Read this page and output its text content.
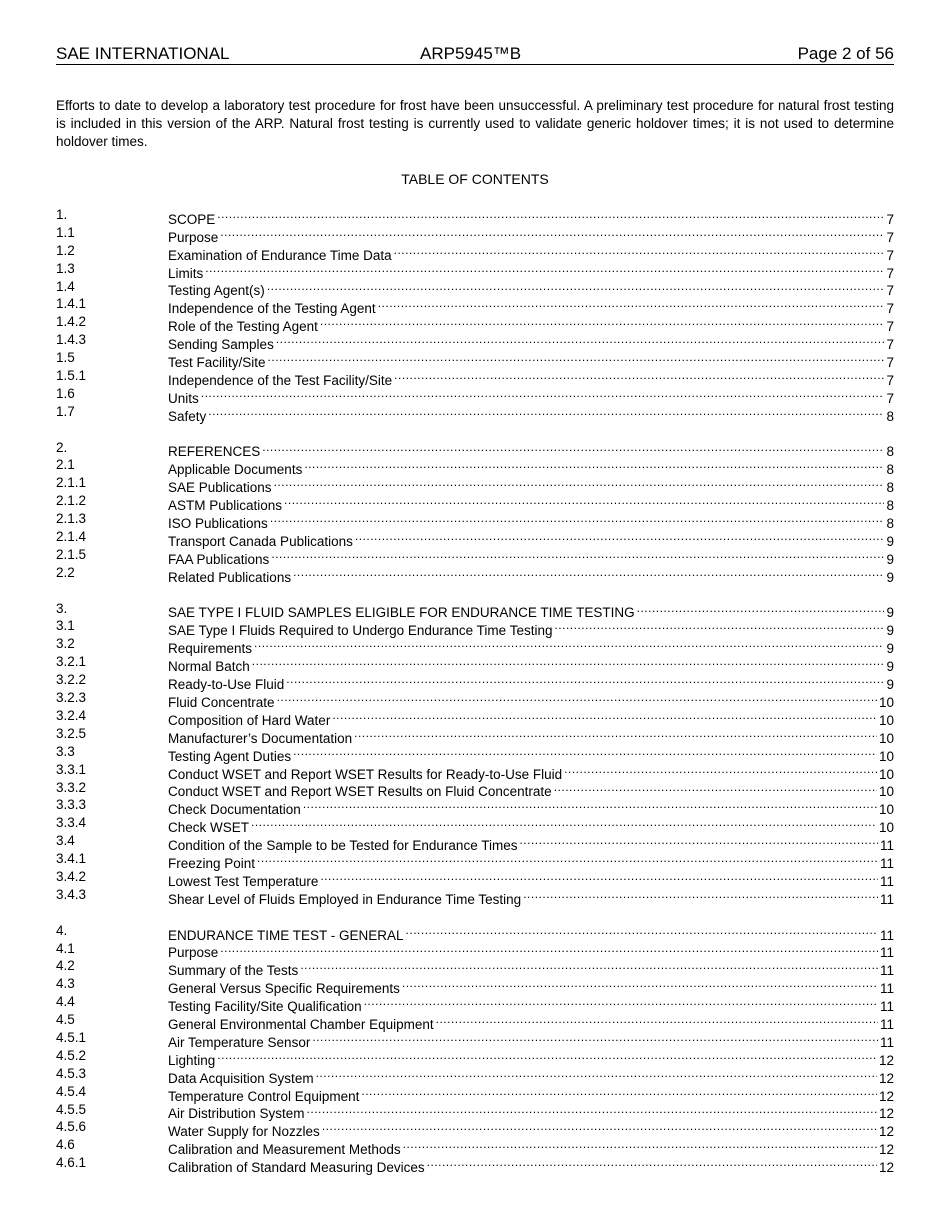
SAE INTERNATIONAL	ARP5945™B	Page 2 of 56

Efforts to date to develop a laboratory test procedure for frost have been unsuccessful. A preliminary test procedure for natural frost testing is included in this version of the ARP. Natural frost testing is currently used to validate generic holdover times; it is not used to determine holdover times.

TABLE OF CONTENTS
1.	SCOPE .....	7
1.1	Purpose .....	7
1.2	Examination of Endurance Time Data .....	7
1.3	Limits .....	7
1.4	Testing Agent(s) .....	7
1.4.1	Independence of the Testing Agent .....	7
1.4.2	Role of the Testing Agent .....	7
1.4.3	Sending Samples .....	7
1.5	Test Facility/Site .....	7
1.5.1	Independence of the Test Facility/Site .....	7
1.6	Units .....	7
1.7	Safety .....	8
2.	REFERENCES .....	8
2.1	Applicable Documents .....	8
2.1.1	SAE Publications .....	8
2.1.2	ASTM Publications .....	8
2.1.3	ISO Publications .....	8
2.1.4	Transport Canada Publications .....	9
2.1.5	FAA Publications .....	9
2.2	Related Publications .....	9
3.	SAE TYPE I FLUID SAMPLES ELIGIBLE FOR ENDURANCE TIME TESTING .....	9
3.1	SAE Type I Fluids Required to Undergo Endurance Time Testing .....	9
3.2	Requirements .....	9
3.2.1	Normal Batch .....	9
3.2.2	Ready-to-Use Fluid .....	9
3.2.3	Fluid Concentrate .....	10
3.2.4	Composition of Hard Water .....	10
3.2.5	Manufacturer’s Documentation .....	10
3.3	Testing Agent Duties .....	10
3.3.1	Conduct WSET and Report WSET Results for Ready-to-Use Fluid .....	10
3.3.2	Conduct WSET and Report WSET Results on Fluid Concentrate .....	10
3.3.3	Check Documentation .....	10
3.3.4	Check WSET .....	10
3.4	Condition of the Sample to be Tested for Endurance Times .....	11
3.4.1	Freezing Point .....	11
3.4.2	Lowest Test Temperature .....	11
3.4.3	Shear Level of Fluids Employed in Endurance Time Testing .....	11
4.	ENDURANCE TIME TEST - GENERAL .....	11
4.1	Purpose .....	11
4.2	Summary of the Tests .....	11
4.3	General Versus Specific Requirements .....	11
4.4	Testing Facility/Site Qualification .....	11
4.5	General Environmental Chamber Equipment .....	11
4.5.1	Air Temperature Sensor .....	11
4.5.2	Lighting .....	12
4.5.3	Data Acquisition System .....	12
4.5.4	Temperature Control Equipment .....	12
4.5.5	Air Distribution System .....	12
4.5.6	Water Supply for Nozzles .....	12
4.6	Calibration and Measurement Methods .....	12
4.6.1	Calibration of Standard Measuring Devices .....	12
